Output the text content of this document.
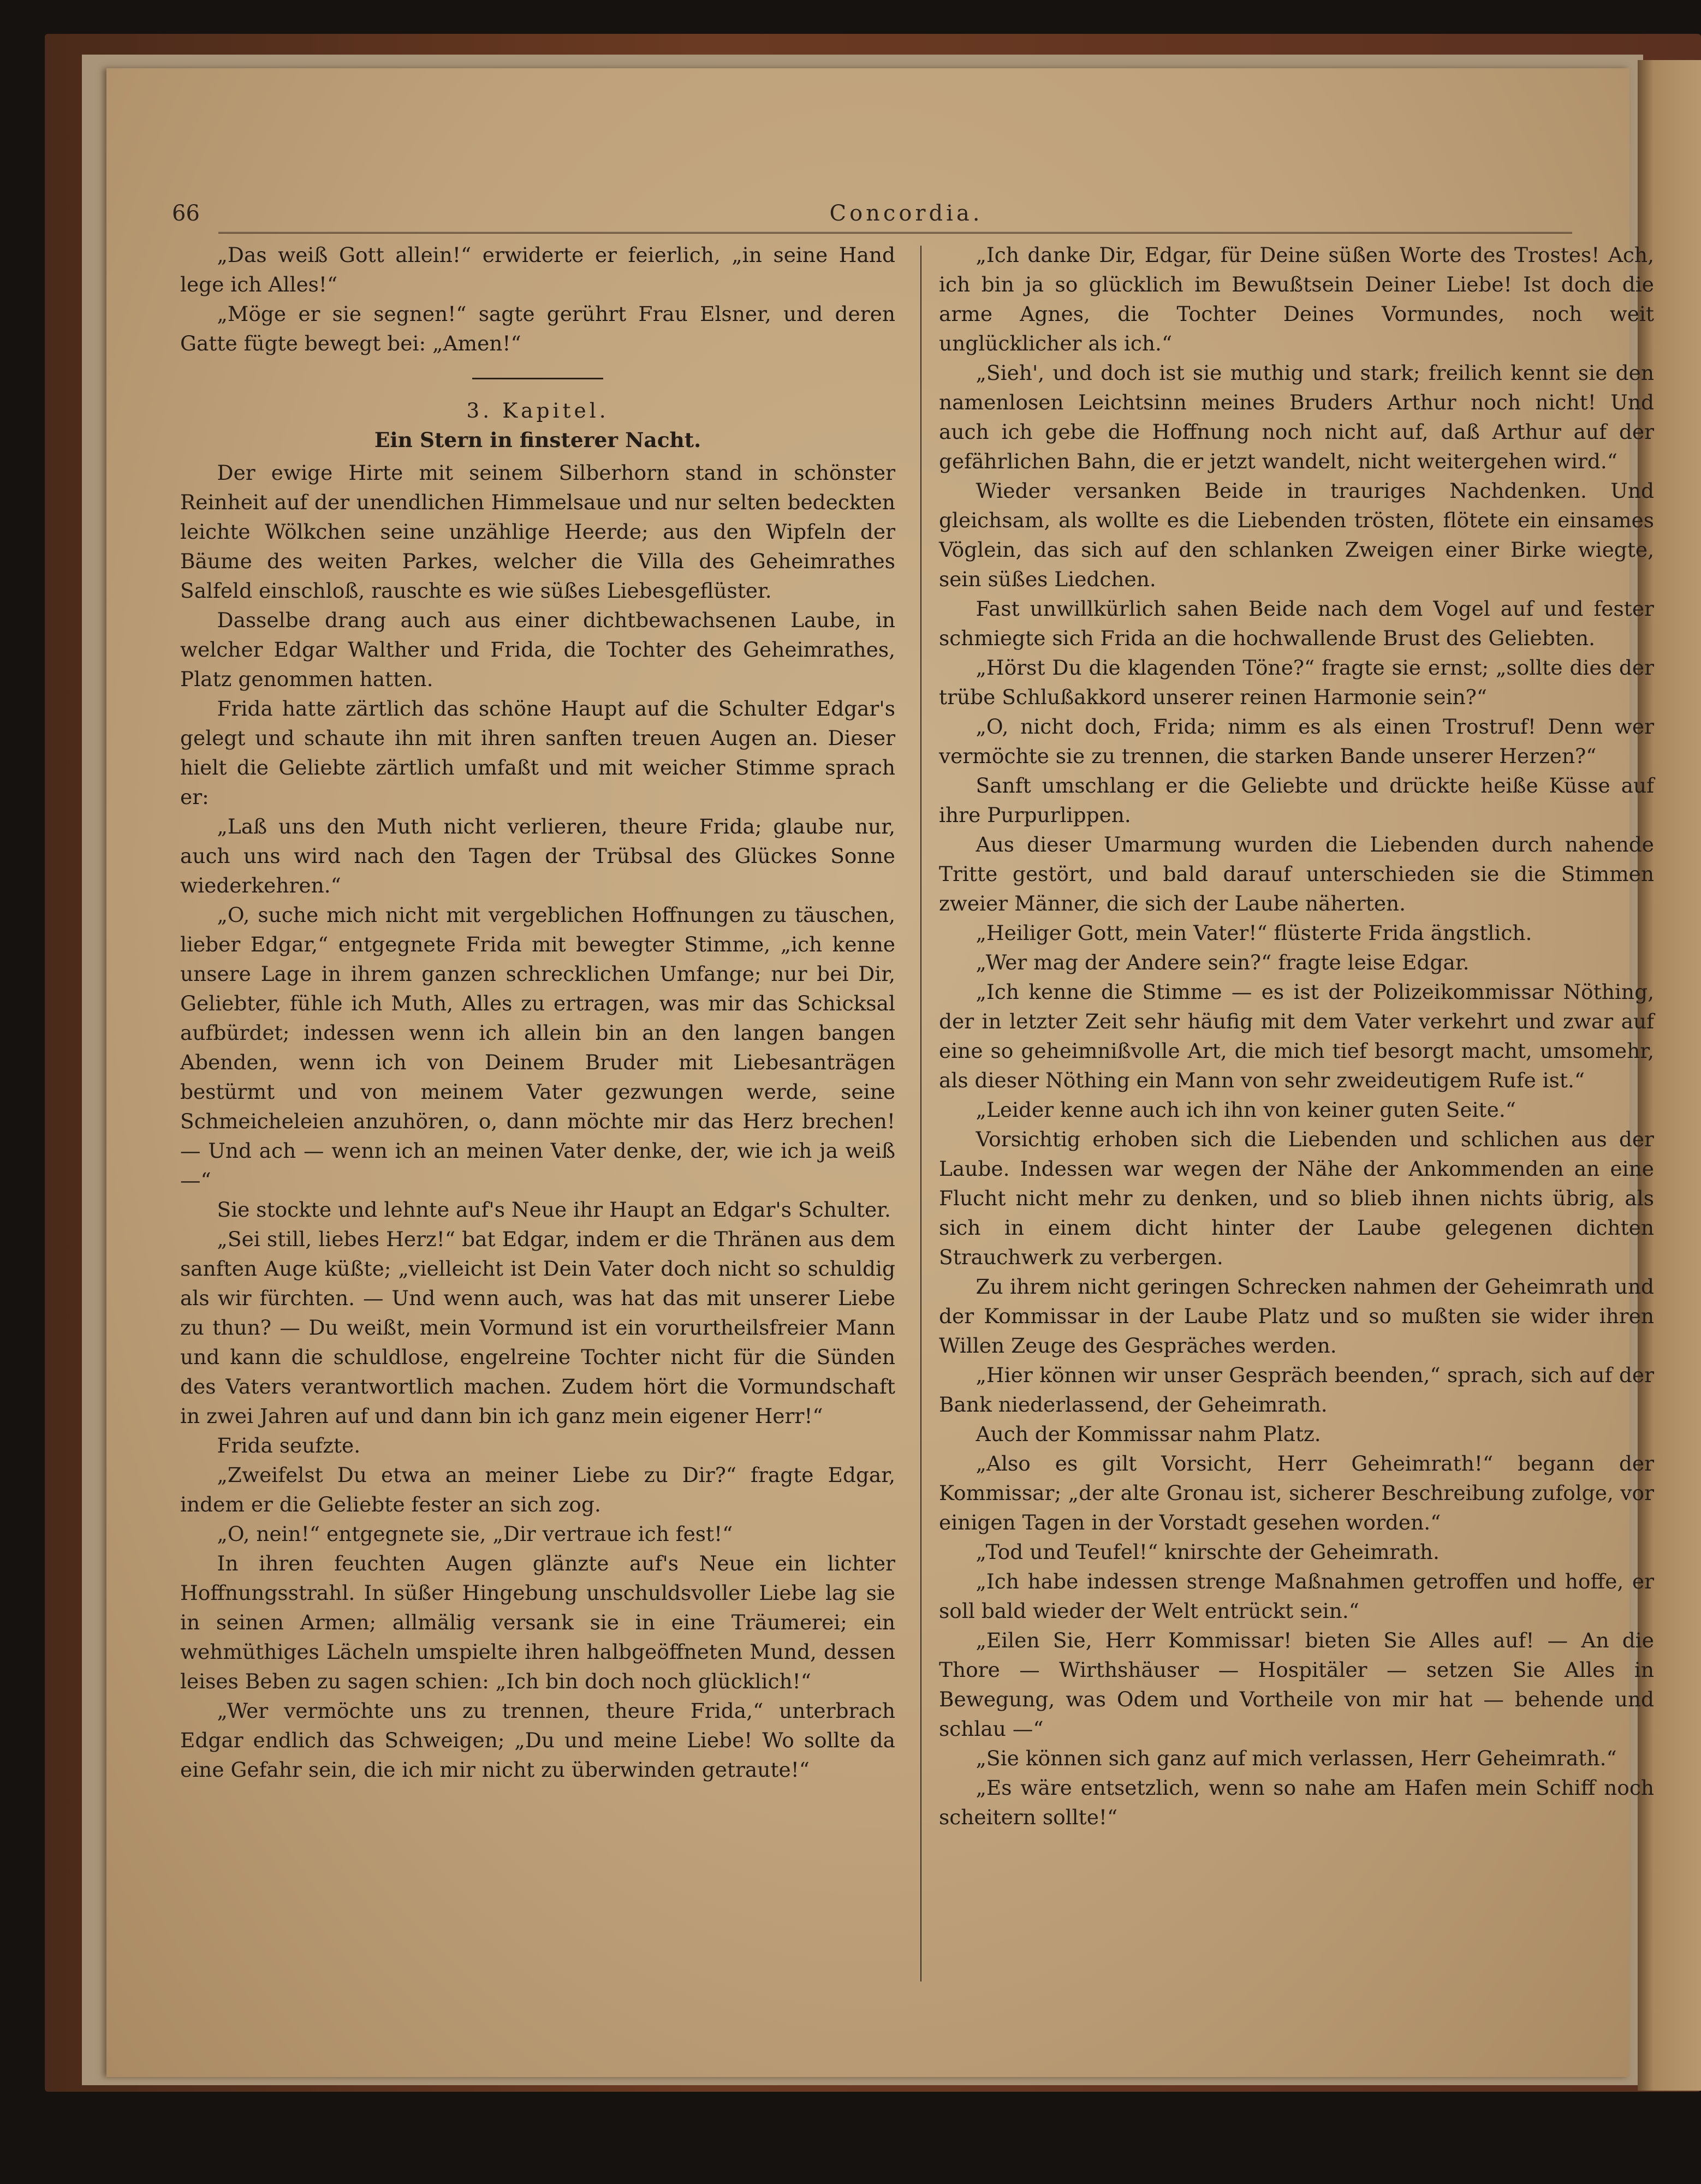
66	Concordia.

„Das weiß Gott allein!“ erwiderte er feierlich, „in seine Hand lege ich Alles!“

„Möge er sie segnen!“ sagte gerührt Frau Elsner, und deren Gatte fügte bewegt bei: „Amen!“

3. Kapitel.

Ein Stern in finsterer Nacht.

Der ewige Hirte mit seinem Silberhorn stand in schönster Reinheit auf der unendlichen Himmelsaue und nur selten bedeckten leichte Wölkchen seine unzählige Heerde; aus den Wipfeln der Bäume des weiten Parkes, welcher die Villa des Geheimrathes Salfeld einschloß, rauschte es wie süßes Liebesgeflüster.

Dasselbe drang auch aus einer dichtbewachsenen Laube, in welcher Edgar Walther und Frida, die Tochter des Geheimrathes, Platz genommen hatten.

Frida hatte zärtlich das schöne Haupt auf die Schulter Edgar's gelegt und schaute ihn mit ihren sanften treuen Augen an. Dieser hielt die Geliebte zärtlich umfaßt und mit weicher Stimme sprach er:

„Laß uns den Muth nicht verlieren, theure Frida; glaube nur, auch uns wird nach den Tagen der Trübsal des Glückes Sonne wiederkehren.“

„O, suche mich nicht mit vergeblichen Hoffnungen zu täuschen, lieber Edgar,“ entgegnete Frida mit bewegter Stimme, „ich kenne unsere Lage in ihrem ganzen schrecklichen Umfange; nur bei Dir, Geliebter, fühle ich Muth, Alles zu ertragen, was mir das Schicksal aufbürdet; indessen wenn ich allein bin an den langen bangen Abenden, wenn ich von Deinem Bruder mit Liebesanträgen bestürmt und von meinem Vater gezwungen werde, seine Schmeicheleien anzuhören, o, dann möchte mir das Herz brechen! — Und ach — wenn ich an meinen Vater denke, der, wie ich ja weiß —“

Sie stockte und lehnte auf's Neue ihr Haupt an Edgar's Schulter.

„Sei still, liebes Herz!“ bat Edgar, indem er die Thränen aus dem sanften Auge küßte; „vielleicht ist Dein Vater doch nicht so schuldig als wir fürchten. — Und wenn auch, was hat das mit unserer Liebe zu thun? — Du weißt, mein Vormund ist ein vorurtheilsfreier Mann und kann die schuldlose, engelreine Tochter nicht für die Sünden des Vaters verantwortlich machen. Zudem hört die Vormundschaft in zwei Jahren auf und dann bin ich ganz mein eigener Herr!“

Frida seufzte.

„Zweifelst Du etwa an meiner Liebe zu Dir?“ fragte Edgar, indem er die Geliebte fester an sich zog.

„O, nein!“ entgegnete sie, „Dir vertraue ich fest!“

In ihren feuchten Augen glänzte auf's Neue ein lichter Hoffnungsstrahl. In süßer Hingebung unschuldsvoller Liebe lag sie in seinen Armen; allmälig versank sie in eine Träumerei; ein wehmüthiges Lächeln umspielte ihren halbgeöffneten Mund, dessen leises Beben zu sagen schien: „Ich bin doch noch glücklich!“

„Wer vermöchte uns zu trennen, theure Frida,“ unterbrach Edgar endlich das Schweigen; „Du und meine Liebe! Wo sollte da eine Gefahr sein, die ich mir nicht zu überwinden getraute!“

„Ich danke Dir, Edgar, für Deine süßen Worte des Trostes! Ach, ich bin ja so glücklich im Bewußtsein Deiner Liebe! Ist doch die arme Agnes, die Tochter Deines Vormundes, noch weit unglücklicher als ich.“

„Sieh', und doch ist sie muthig und stark; freilich kennt sie den namenlosen Leichtsinn meines Bruders Arthur noch nicht! Und auch ich gebe die Hoffnung noch nicht auf, daß Arthur auf der gefährlichen Bahn, die er jetzt wandelt, nicht weitergehen wird.“

Wieder versanken Beide in trauriges Nachdenken. Und gleichsam, als wollte es die Liebenden trösten, flötete ein einsames Vöglein, das sich auf den schlanken Zweigen einer Birke wiegte, sein süßes Liedchen.

Fast unwillkürlich sahen Beide nach dem Vogel auf und fester schmiegte sich Frida an die hochwallende Brust des Geliebten.

„Hörst Du die klagenden Töne?“ fragte sie ernst; „sollte dies der trübe Schlußakkord unserer reinen Harmonie sein?“

„O, nicht doch, Frida; nimm es als einen Trostruf! Denn wer vermöchte sie zu trennen, die starken Bande unserer Herzen?“

Sanft umschlang er die Geliebte und drückte heiße Küsse auf ihre Purpurlippen.

Aus dieser Umarmung wurden die Liebenden durch nahende Tritte gestört, und bald darauf unterschieden sie die Stimmen zweier Männer, die sich der Laube näherten.

„Heiliger Gott, mein Vater!“ flüsterte Frida ängstlich.

„Wer mag der Andere sein?“ fragte leise Edgar.

„Ich kenne die Stimme — es ist der Polizeikommissar Nöthing, der in letzter Zeit sehr häufig mit dem Vater verkehrt und zwar auf eine so geheimnißvolle Art, die mich tief besorgt macht, umsomehr, als dieser Nöthing ein Mann von sehr zweideutigem Rufe ist.“

„Leider kenne auch ich ihn von keiner guten Seite.“

Vorsichtig erhoben sich die Liebenden und schlichen aus der Laube. Indessen war wegen der Nähe der Ankommenden an eine Flucht nicht mehr zu denken, und so blieb ihnen nichts übrig, als sich in einem dicht hinter der Laube gelegenen dichten Strauchwerk zu verbergen.

Zu ihrem nicht geringen Schrecken nahmen der Geheimrath und der Kommissar in der Laube Platz und so mußten sie wider ihren Willen Zeuge des Gespräches werden.

„Hier können wir unser Gespräch beenden,“ sprach, sich auf der Bank niederlassend, der Geheimrath.

Auch der Kommissar nahm Platz.

„Also es gilt Vorsicht, Herr Geheimrath!“ begann der Kommissar; „der alte Gronau ist, sicherer Beschreibung zufolge, vor einigen Tagen in der Vorstadt gesehen worden.“

„Tod und Teufel!“ knirschte der Geheimrath.

„Ich habe indessen strenge Maßnahmen getroffen und hoffe, er soll bald wieder der Welt entrückt sein.“

„Eilen Sie, Herr Kommissar! bieten Sie Alles auf! — An die Thore — Wirthshäuser — Hospitäler — setzen Sie Alles in Bewegung, was Odem und Vortheile von mir hat — behende und schlau —“

„Sie können sich ganz auf mich verlassen, Herr Geheimrath.“

„Es wäre entsetzlich, wenn so nahe am Hafen mein Schiff noch scheitern sollte!“
